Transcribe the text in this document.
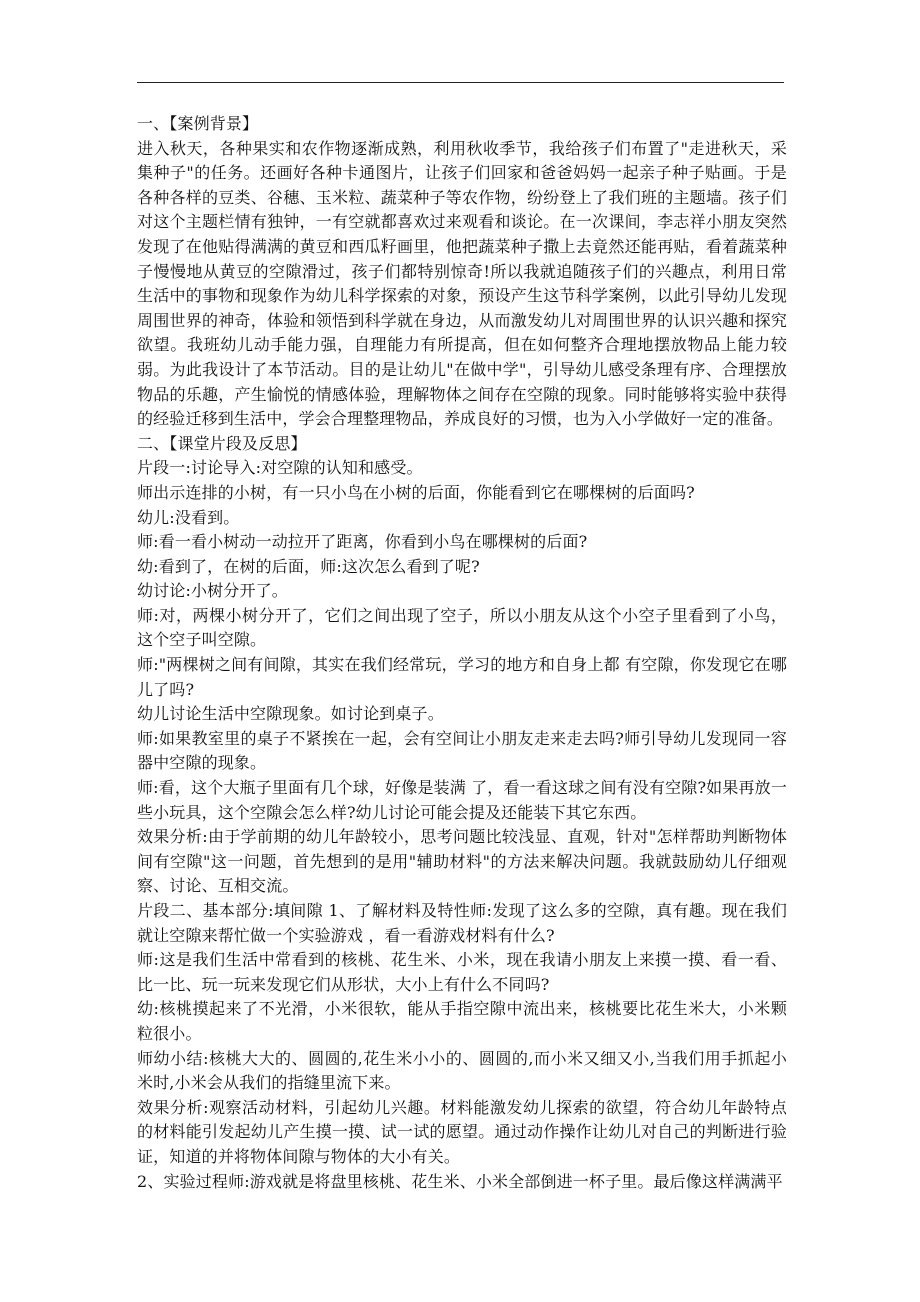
一、【案例背景】

进入秋天，各种果实和农作物逐渐成熟，利用秋收季节，我给孩子们布置了"走进秋天，采集种子"的任务。还画好各种卡通图片，让孩子们回家和爸爸妈妈一起亲子种子贴画。于是各种各样的豆类、谷穗、玉米粒、蔬菜种子等农作物，纷纷登上了我们班的主题墙。孩子们对这个主题栏情有独钟，一有空就都喜欢过来观看和谈论。在一次课间，李志祥小朋友突然发现了在他贴得满满的黄豆和西瓜籽画里，他把蔬菜种子撒上去竟然还能再贴，看着蔬菜种子慢慢地从黄豆的空隙滑过，孩子们都特别惊奇!所以我就追随孩子们的兴趣点，利用日常生活中的事物和现象作为幼儿科学探索的对象，预设产生这节科学案例，以此引导幼儿发现周围世界的神奇，体验和领悟到科学就在身边，从而激发幼儿对周围世界的认识兴趣和探究欲望。我班幼儿动手能力强，自理能力有所提高，但在如何整齐合理地摆放物品上能力较弱。为此我设计了本节活动。目的是让幼儿"在做中学"，引导幼儿感受条理有序、合理摆放物品的乐趣，产生愉悦的情感体验，理解物体之间存在空隙的现象。同时能够将实验中获得的经验迁移到生活中，学会合理整理物品，养成良好的习惯，也为入小学做好一定的准备。

二、【课堂片段及反思】

片段一:讨论导入:对空隙的认知和感受。

师出示连排的小树，有一只小鸟在小树的后面，你能看到它在哪棵树的后面吗?

幼儿:没看到。

师:看一看小树动一动拉开了距离，你看到小鸟在哪棵树的后面?

幼:看到了，在树的后面，师:这次怎么看到了呢?

幼讨论:小树分开了。

师:对，两棵小树分开了，它们之间出现了空子，所以小朋友从这个小空子里看到了小鸟，这个空子叫空隙。

师:"两棵树之间有间隙，其实在我们经常玩，学习的地方和自身上都 有空隙，你发现它在哪儿了吗?

幼儿讨论生活中空隙现象。如讨论到桌子。

师:如果教室里的桌子不紧挨在一起，会有空间让小朋友走来走去吗?师引导幼儿发现同一容器中空隙的现象。

师:看，这个大瓶子里面有几个球，好像是装满 了，看一看这球之间有没有空隙?如果再放一些小玩具，这个空隙会怎么样?幼儿讨论可能会提及还能装下其它东西。

效果分析:由于学前期的幼儿年龄较小，思考问题比较浅显、直观，针对"怎样帮助判断物体间有空隙"这一问题，首先想到的是用"辅助材料"的方法来解决问题。我就鼓励幼儿仔细观察、讨论、互相交流。

片段二、基本部分:填间隙 1、了解材料及特性师:发现了这么多的空隙，真有趣。现在我们就让空隙来帮忙做一个实验游戏 ，看一看游戏材料有什么?

师:这是我们生活中常看到的核桃、花生米、小米，现在我请小朋友上来摸一摸、看一看、比一比、玩一玩来发现它们从形状，大小上有什么不同吗?

幼:核桃摸起来了不光滑，小米很软，能从手指空隙中流出来，核桃要比花生米大，小米颗粒很小。

师幼小结:核桃大大的、圆圆的,花生米小小的、圆圆的,而小米又细又小,当我们用手抓起小米时,小米会从我们的指缝里流下来。

效果分析:观察活动材料，引起幼儿兴趣。材料能激发幼儿探索的欲望，符合幼儿年龄特点的材料能引发起幼儿产生摸一摸、试一试的愿望。通过动作操作让幼儿对自己的判断进行验证，知道的并将物体间隙与物体的大小有关。

2、实验过程师:游戏就是将盘里核桃、花生米、小米全部倒进一杯子里。最后像这样满满平
